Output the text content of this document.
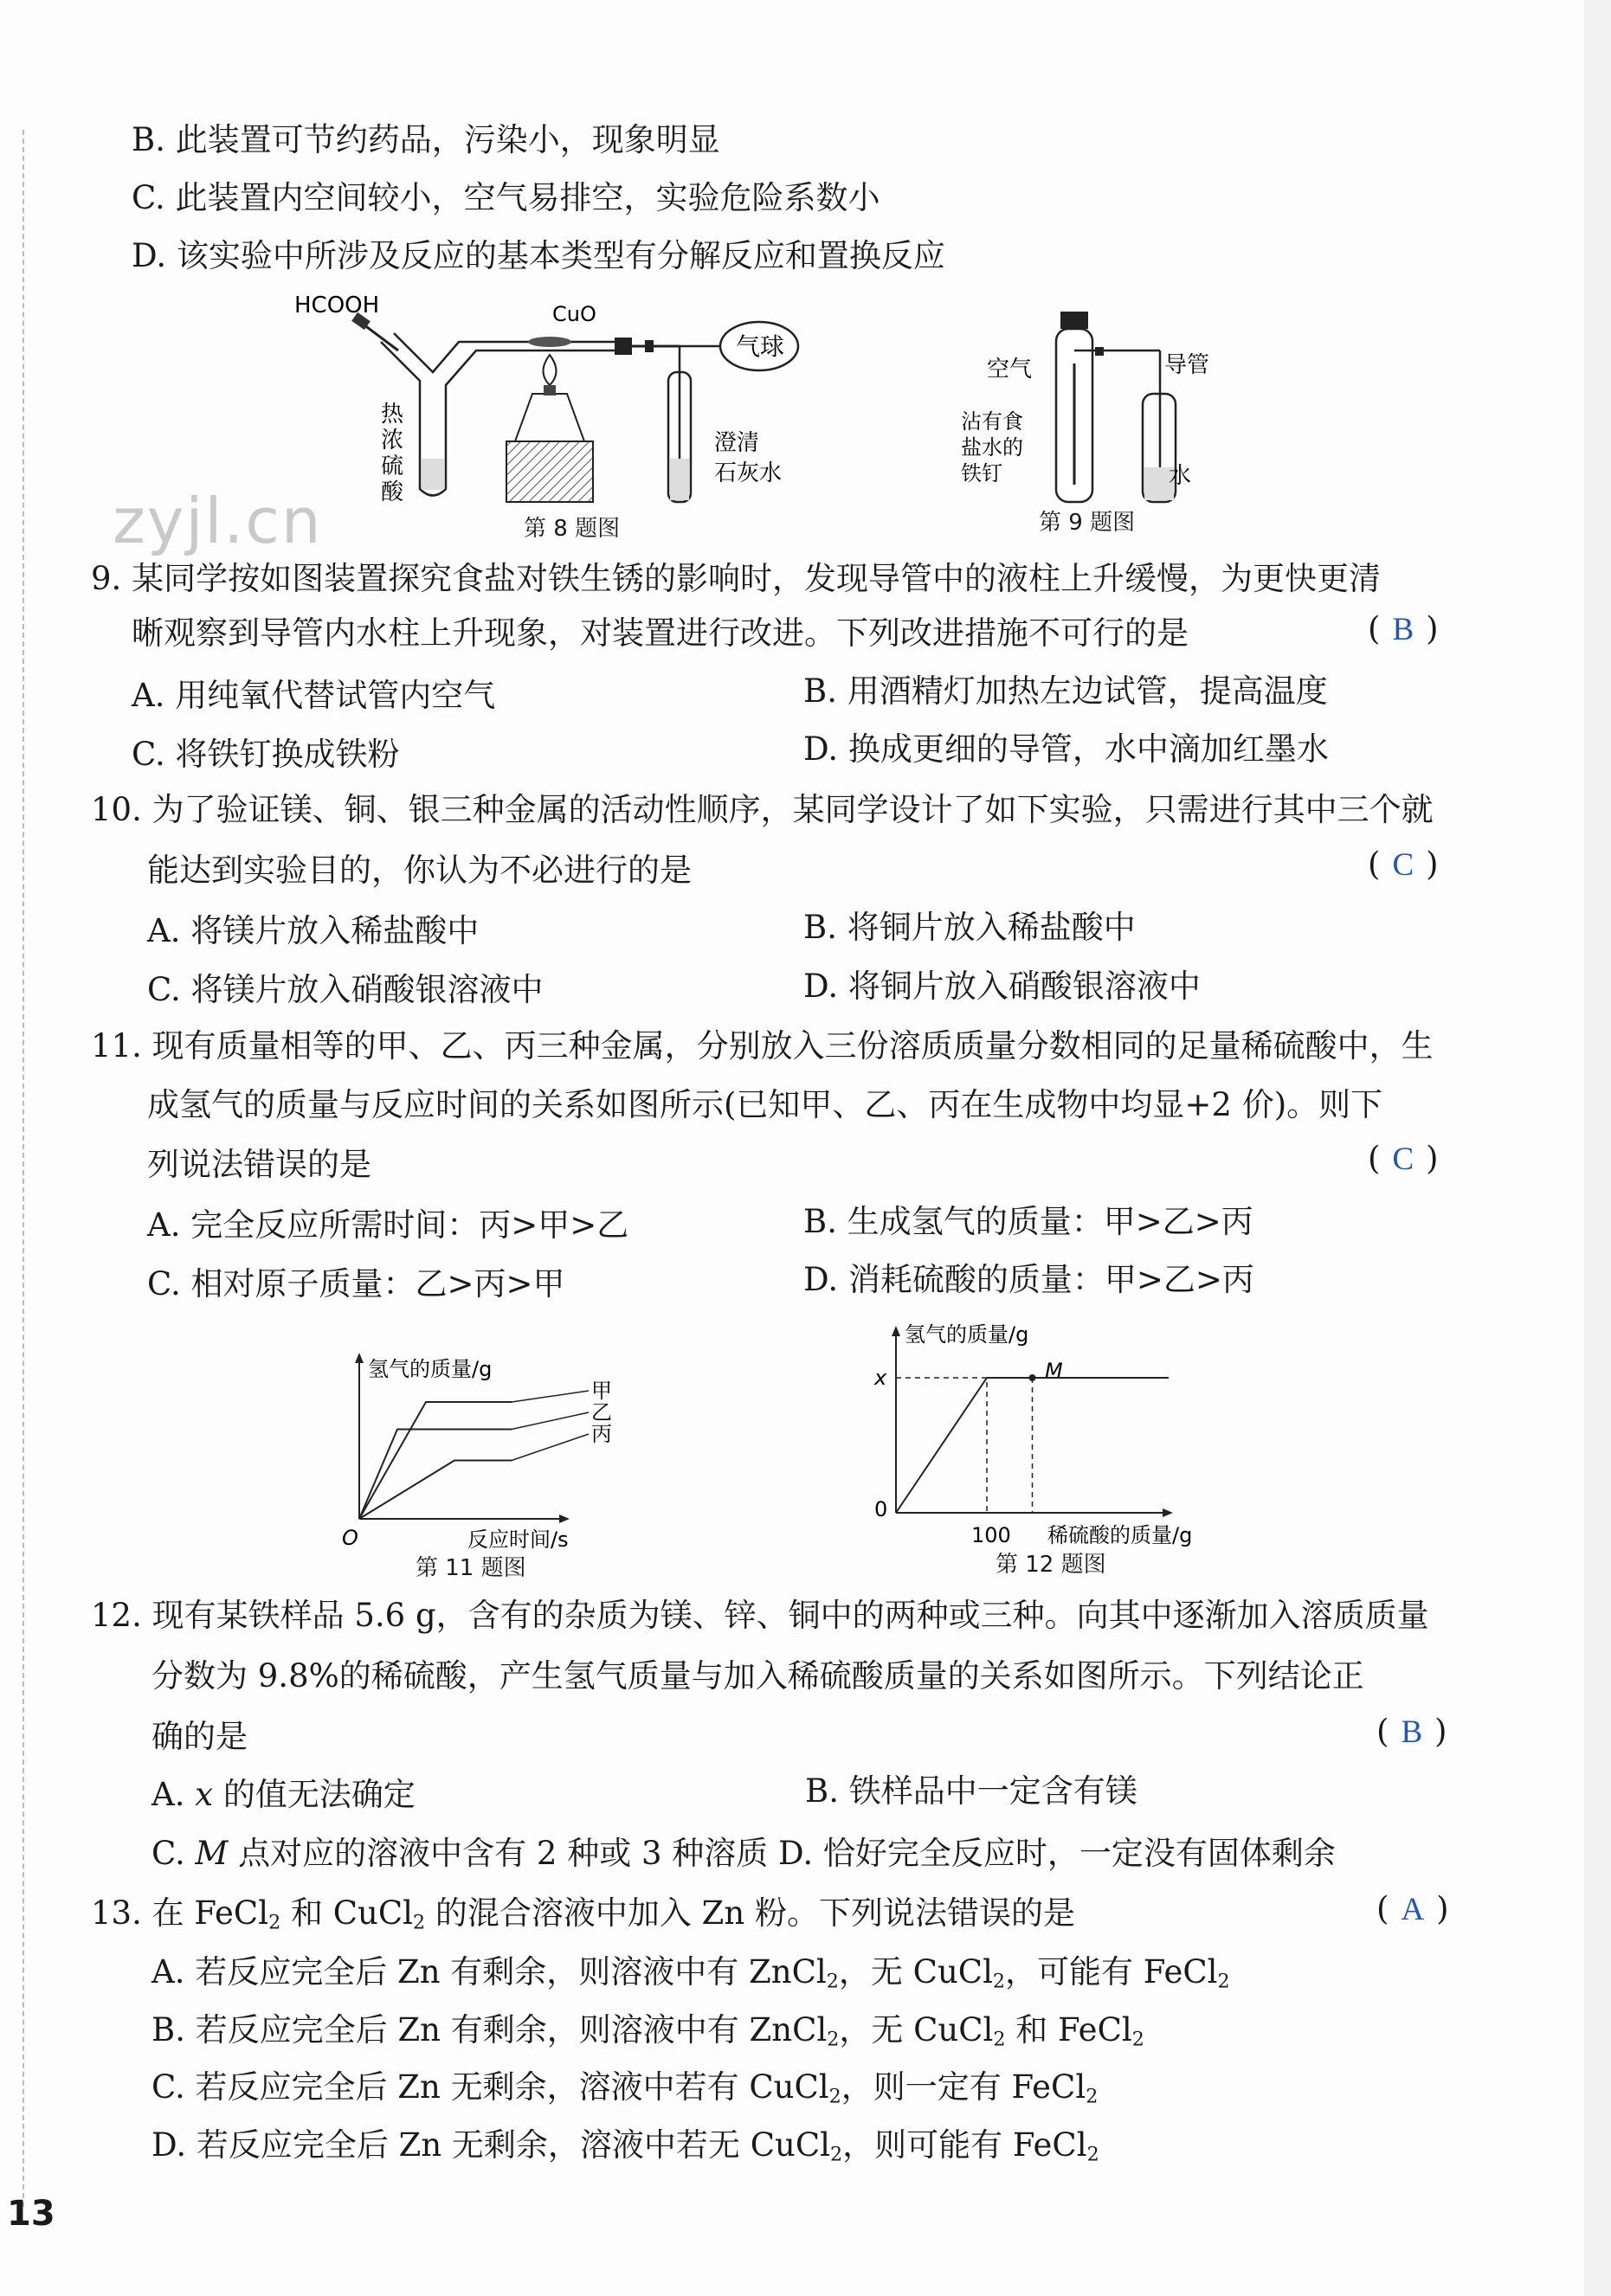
B. 此装置可节约药品，污染小，现象明显
C. 此装置内空间较小，空气易排空，实验危险系数小
D. 该实验中所涉及反应的基本类型有分解反应和置换反应
HCOOH	CuO
气球
热
浓
硫
酸
澄清
石灰水
第 8 题图
空气	导管
沾有食
盐水的
铁钉	水
第 9 题图
zyjl.cn
9. 某同学按如图装置探究食盐对铁生锈的影响时，发现导管中的液柱上升缓慢，为更快更清
晰观察到导管内水柱上升现象，对装置进行改进。下列改进措施不可行的是	( B )
A. 用纯氧代替试管内空气	B. 用酒精灯加热左边试管，提高温度
C. 将铁钉换成铁粉	D. 换成更细的导管，水中滴加红墨水
10. 为了验证镁、铜、银三种金属的活动性顺序，某同学设计了如下实验，只需进行其中三个就
能达到实验目的，你认为不必进行的是	( C )
A. 将镁片放入稀盐酸中	B. 将铜片放入稀盐酸中
C. 将镁片放入硝酸银溶液中	D. 将铜片放入硝酸银溶液中
11. 现有质量相等的甲、乙、丙三种金属，分别放入三份溶质质量分数相同的足量稀硫酸中，生
成氢气的质量与反应时间的关系如图所示(已知甲、乙、丙在生成物中均显+2 价)。则下
列说法错误的是	( C )
A. 完全反应所需时间：丙>甲>乙	B. 生成氢气的质量：甲>乙>丙
C. 相对原子质量：乙>丙>甲	D. 消耗硫酸的质量：甲>乙>丙
甲
乙
丙
氢气的质量/g
O	反应时间/s
第 11 题图
氢气的质量/g
0
x
100
M
稀硫酸的质量/g
第 12 题图
12. 现有某铁样品 5.6 g，含有的杂质为镁、锌、铜中的两种或三种。向其中逐渐加入溶质质量
分数为 9.8%的稀硫酸，产生氢气质量与加入稀硫酸质量的关系如图所示。下列结论正
确的是	( B )
A. x 的值无法确定	B. 铁样品中一定含有镁
C. M 点对应的溶液中含有 2 种或 3 种溶质 D. 恰好完全反应时，一定没有固体剩余
13. 在 FeCl$_2$ 和 CuCl$_2$ 的混合溶液中加入 Zn 粉。下列说法错误的是	( A )
A. 若反应完全后 Zn 有剩余，则溶液中有 ZnCl$_2$，无 CuCl$_2$，可能有 FeCl$_2$
B. 若反应完全后 Zn 有剩余，则溶液中有 ZnCl$_2$，无 CuCl$_2$ 和 FeCl$_2$
C. 若反应完全后 Zn 无剩余，溶液中若有 CuCl$_2$，则一定有 FeCl$_2$
D. 若反应完全后 Zn 无剩余，溶液中若无 CuCl$_2$，则可能有 FeCl$_2$
13
